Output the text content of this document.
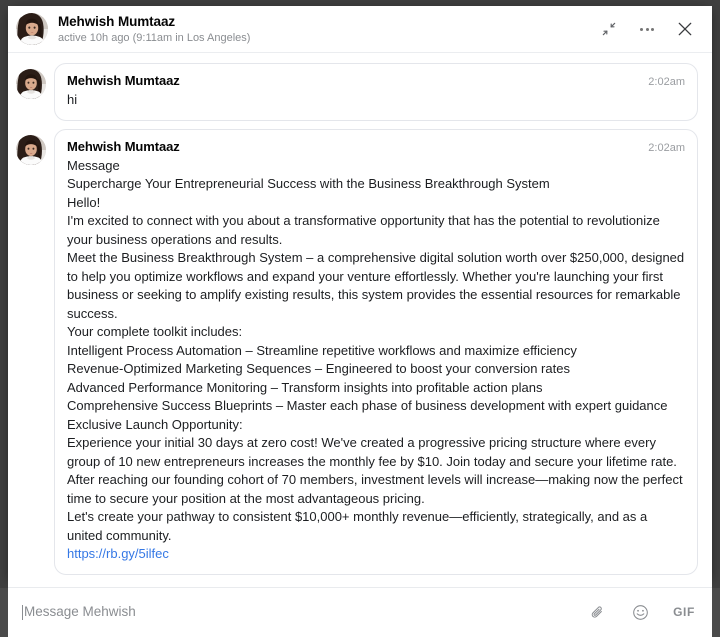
Mehwish Mumtaaz
active 10h ago (9:11am in Los Angeles)
Mehwish Mumtaaz	2:02am
hi
Mehwish Mumtaaz	2:02am
Message
Supercharge Your Entrepreneurial Success with the Business Breakthrough System
Hello!
I'm excited to connect with you about a transformative opportunity that has the potential to revolutionize your business operations and results.
Meet the Business Breakthrough System – a comprehensive digital solution worth over $250,000, designed to help you optimize workflows and expand your venture effortlessly. Whether you're launching your first business or seeking to amplify existing results, this system provides the essential resources for remarkable success.
Your complete toolkit includes:
Intelligent Process Automation – Streamline repetitive workflows and maximize efficiency
Revenue-Optimized Marketing Sequences – Engineered to boost your conversion rates
Advanced Performance Monitoring – Transform insights into profitable action plans
Comprehensive Success Blueprints – Master each phase of business development with expert guidance
Exclusive Launch Opportunity:
Experience your initial 30 days at zero cost! We've created a progressive pricing structure where every group of 10 new entrepreneurs increases the monthly fee by $10. Join today and secure your lifetime rate.
After reaching our founding cohort of 70 members, investment levels will increase—making now the perfect time to secure your position at the most advantageous pricing.
Let's create your pathway to consistent $10,000+ monthly revenue—efficiently, strategically, and as a united community.
https://rb.gy/5ilfec
Message Mehwish	GIF
